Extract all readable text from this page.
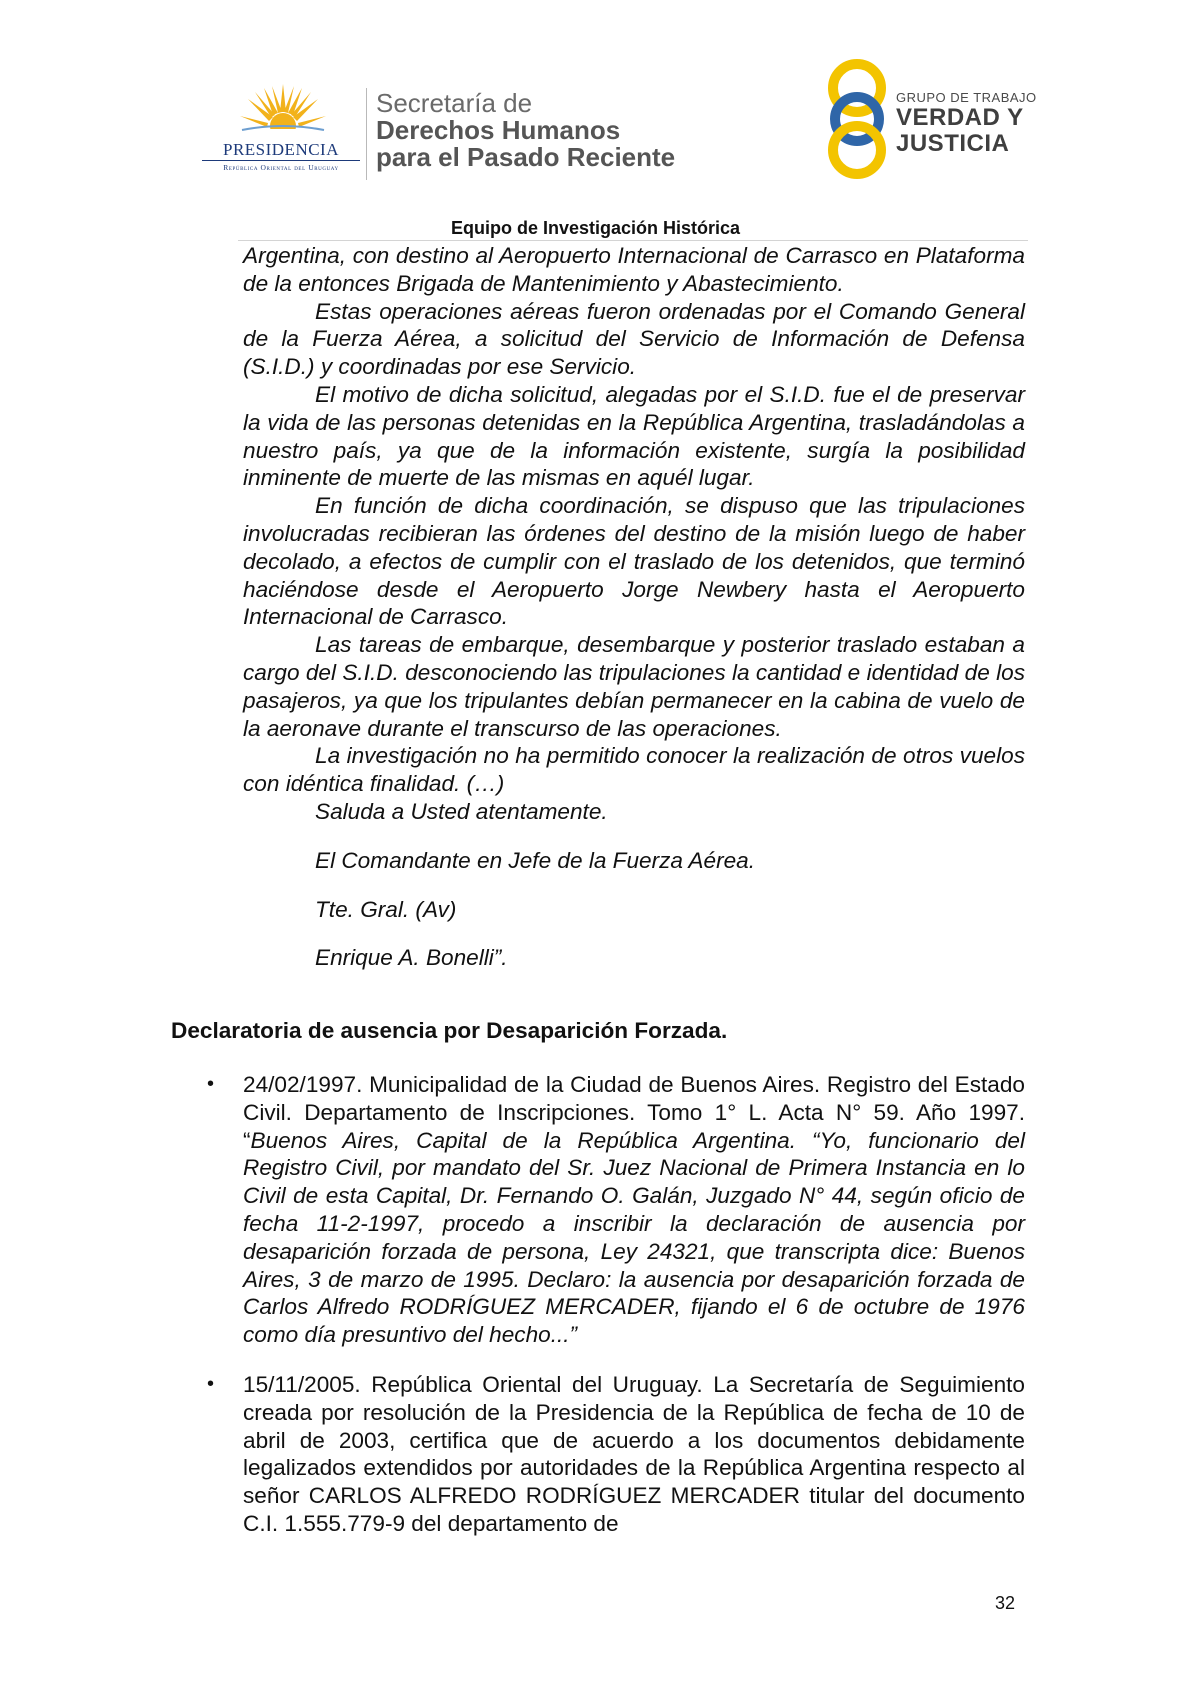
PRESIDENCIA
República Oriental del Uruguay
Secretaría de
Derechos Humanos
para el Pasado Reciente
GRUPO DE TRABAJO
VERDAD Y
JUSTICIA
Equipo de Investigación Histórica

Argentina, con destino al Aeropuerto Internacional de Carrasco en Plataforma de la entonces Brigada de Mantenimiento y Abastecimiento.

Estas operaciones aéreas fueron ordenadas por el Comando General de la Fuerza Aérea, a solicitud del Servicio de Información de Defensa (S.I.D.) y coordinadas por ese Servicio.

El motivo de dicha solicitud, alegadas por el S.I.D. fue el de preservar la vida de las personas detenidas en la República Argentina, trasladándolas a nuestro país, ya que de la información existente, surgía la posibilidad inminente de muerte de las mismas en aquél lugar.

En función de dicha coordinación, se dispuso que las tripulaciones involucradas recibieran las órdenes del destino de la misión luego de haber decolado, a efectos de cumplir con el traslado de los detenidos, que terminó haciéndose desde el Aeropuerto Jorge Newbery hasta el Aeropuerto Internacional de Carrasco.

Las tareas de embarque, desembarque y posterior traslado estaban a cargo del S.I.D. desconociendo las tripulaciones la cantidad e identidad de los pasajeros, ya que los tripulantes debían permanecer en la cabina de vuelo de la aeronave durante el transcurso de las operaciones.

La investigación no ha permitido conocer la realización de otros vuelos con idéntica finalidad. (…)

Saluda a Usted atentamente.

El Comandante en Jefe de la Fuerza Aérea.

Tte. Gral. (Av)

Enrique A. Bonelli”.

Declaratoria de ausencia por Desaparición Forzada.
• 24/02/1997. Municipalidad de la Ciudad de Buenos Aires. Registro del Estado Civil. Departamento de Inscripciones. Tomo 1° L. Acta N° 59. Año 1997. “Buenos Aires, Capital de la República Argentina. “Yo, funcionario del Registro Civil, por mandato del Sr. Juez Nacional de Primera Instancia en lo Civil de esta Capital, Dr. Fernando O. Galán, Juzgado N° 44, según oficio de fecha 11-2-1997, procedo a inscribir la declaración de ausencia por desaparición forzada de persona, Ley 24321, que transcripta dice: Buenos Aires, 3 de marzo de 1995. Declaro: la ausencia por desaparición forzada de Carlos Alfredo RODRÍGUEZ MERCADER, fijando el 6 de octubre de 1976 como día presuntivo del hecho...”
• 15/11/2005. República Oriental del Uruguay. La Secretaría de Seguimiento creada por resolución de la Presidencia de la República de fecha de 10 de abril de 2003, certifica que de acuerdo a los documentos debidamente legalizados extendidos por autoridades de la República Argentina respecto al señor CARLOS ALFREDO RODRÍGUEZ MERCADER titular del documento C.I. 1.555.779-9 del departamento de
32
